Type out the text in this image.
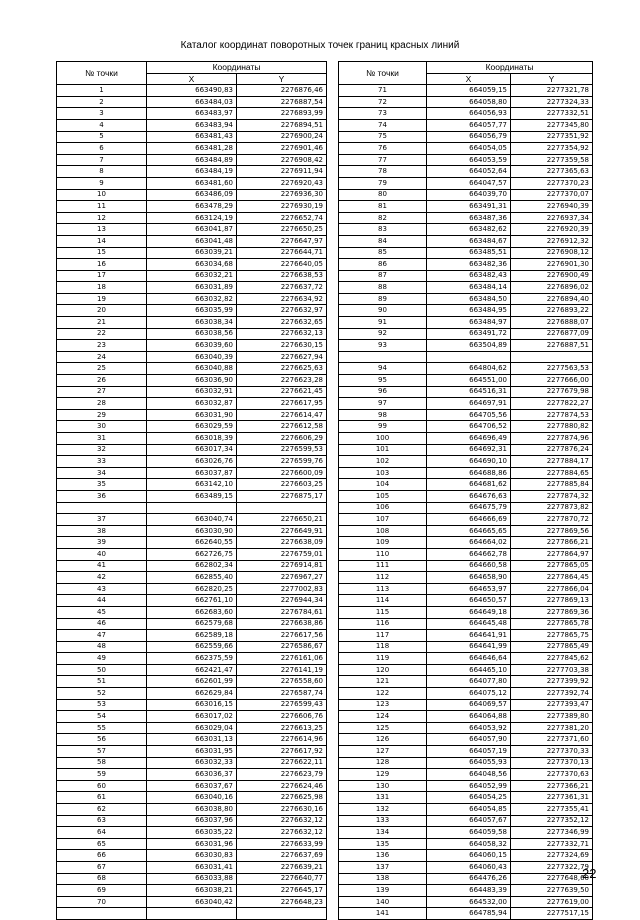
Каталог координат поворотных точек границ красных линий
№ точки	Координаты	
	X	Y
1	663490,83	2276876,46
2	663484,03	2276887,54
3	663483,97	2276893,99
4	663483,94	2276894,51
5	663481,43	2276900,24
6	663481,28	2276901,46
7	663484,89	2276908,42
8	663484,19	2276911,94
9	663481,60	2276920,43
10	663486,09	2276936,30
11	663478,29	2276930,19
12	663124,19	2276652,74
13	663041,87	2276650,25
14	663041,48	2276647,97
15	663039,21	2276644,71
16	663034,68	2276640,05
17	663032,21	2276638,53
18	663031,89	2276637,72
19	663032,82	2276634,92
20	663035,99	2276632,97
21	663038,34	2276632,65
22	663038,56	2276632,13
23	663039,60	2276630,15
24	663040,39	2276627,94
25	663040,88	2276625,63
26	663036,90	2276623,28
27	663032,91	2276621,45
28	663032,87	2276617,95
29	663031,90	2276614,47
30	663029,59	2276612,58
31	663018,39	2276606,29
32	663017,34	2276599,53
33	663026,76	2276599,76
34	663037,87	2276600,09
35	663142,10	2276603,25
36	663489,15	2276875,17

37	663040,74	2276650,21
38	663030,90	2276649,91
39	662640,55	2276638,09
40	662726,75	2276759,01
41	662802,34	2276914,81
42	662855,40	2276967,27
43	662820,25	2277002,83
44	662761,10	2276944,34
45	662683,60	2276784,61
46	662579,68	2276638,86
47	662589,18	2276617,56
48	662559,66	2276586,67
49	662375,59	2276161,06
50	662421,47	2276141,19
51	662601,99	2276558,60
52	662629,84	2276587,74
53	663016,15	2276599,43
54	663017,02	2276606,76
55	663029,04	2276613,25
56	663031,13	2276614,96
57	663031,95	2276617,92
58	663032,33	2276622,11
59	663036,37	2276623,79
60	663037,67	2276624,46
61	663040,16	2276625,98
62	663038,80	2276630,16
63	663037,96	2276632,12
64	663035,22	2276632,12
65	663031,96	2276633,99
66	663030,83	2276637,69
67	663031,41	2276639,21
68	663033,88	2276640,77
69	663038,21	2276645,17
70	663040,42	2276648,23

№ точки	Координаты	
	X	Y
71	664059,15	2277321,78
72	664058,80	2277324,33
73	664056,93	2277332,51
74	664057,77	2277345,80
75	664056,79	2277351,92
76	664054,05	2277354,92
77	664053,59	2277359,58
78	664052,64	2277365,63
79	664047,57	2277370,23
80	664039,70	2277370,07
81	663491,31	2276940,39
82	663487,36	2276937,34
83	663482,62	2276920,39
84	663484,67	2276912,32
85	663485,51	2276908,12
86	663482,36	2276901,30
87	663482,43	2276900,49
88	663484,14	2276896,02
89	663484,50	2276894,40
90	663484,95	2276893,22
91	663484,97	2276888,07
92	663491,72	2276877,09
93	663504,89	2276887,51

94	664804,62	2277563,53
95	664551,00	2277666,00
96	664516,31	2277679,98
97	664697,91	2277822,27
98	664705,56	2277874,53
99	664706,52	2277880,82
100	664696,49	2277874,96
101	664692,31	2277876,24
102	664690,10	2277884,17
103	664688,86	2277884,65
104	664681,62	2277885,84
105	664676,63	2277874,32
106	664675,79	2277873,82
107	664666,69	2277870,72
108	664665,65	2277869,56
109	664664,02	2277866,21
110	664662,78	2277864,97
111	664660,58	2277865,05
112	664658,90	2277864,45
113	664653,97	2277866,04
114	664650,57	2277869,13
115	664649,18	2277869,36
116	664645,48	2277865,78
117	664641,91	2277865,75
118	664641,99	2277865,49
119	664646,64	2277845,62
120	664465,10	2277703,38
121	664077,80	2277399,92
122	664075,12	2277392,74
123	664069,57	2277393,47
124	664064,88	2277389,80
125	664053,92	2277381,20
126	664057,90	2277371,60
127	664057,19	2277370,33
128	664055,93	2277370,13
129	664048,56	2277370,63
130	664052,99	2277366,21
131	664054,25	2277361,31
132	664054,85	2277355,41
133	664057,67	2277352,12
134	664059,58	2277346,99
135	664058,32	2277332,71
136	664060,15	2277324,69
137	664060,43	2277322,79
138	664476,26	2277648,60
139	664483,39	2277639,50
140	664532,00	2277619,00
141	664785,94	2277517,15
22
